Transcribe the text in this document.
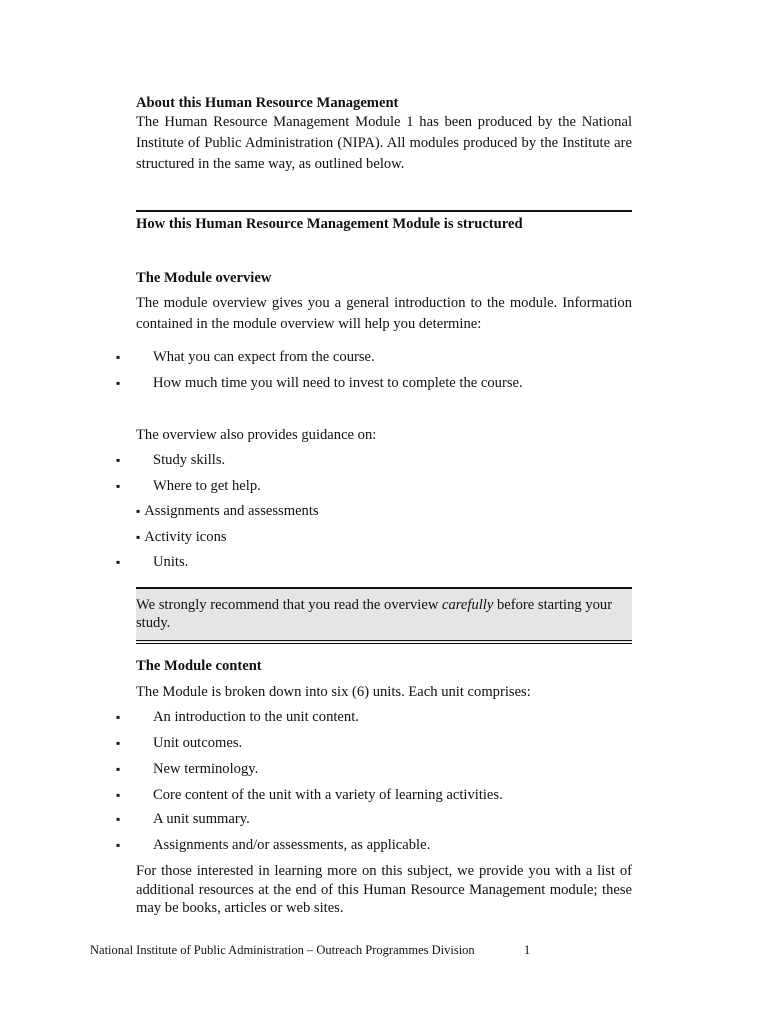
About this Human Resource Management
The Human Resource Management Module 1 has been produced by the National Institute of Public Administration (NIPA). All modules produced by the Institute are structured in the same way, as outlined below.
How this Human Resource Management Module is structured
The Module overview
The module overview gives you a general introduction to the module. Information contained in the module overview will help you determine:
▪ What you can expect from the course.
▪ How much time you will need to invest to complete the course.
The overview also provides guidance on:
▪ Study skills.
▪ Where to get help.
▪ Assignments and assessments
▪ Activity icons
▪ Units.
We strongly recommend that you read the overview carefully before starting your study.
The Module content
The Module is broken down into six (6) units. Each unit comprises:
▪ An introduction to the unit content.
▪ Unit outcomes.
▪ New terminology.
▪ Core content of the unit with a variety of learning activities.
▪ A unit summary.
▪ Assignments and/or assessments, as applicable.
For those interested in learning more on this subject, we provide you with a list of additional resources at the end of this Human Resource Management module; these may be books, articles or web sites.
National Institute of Public Administration – Outreach Programmes Division	1
